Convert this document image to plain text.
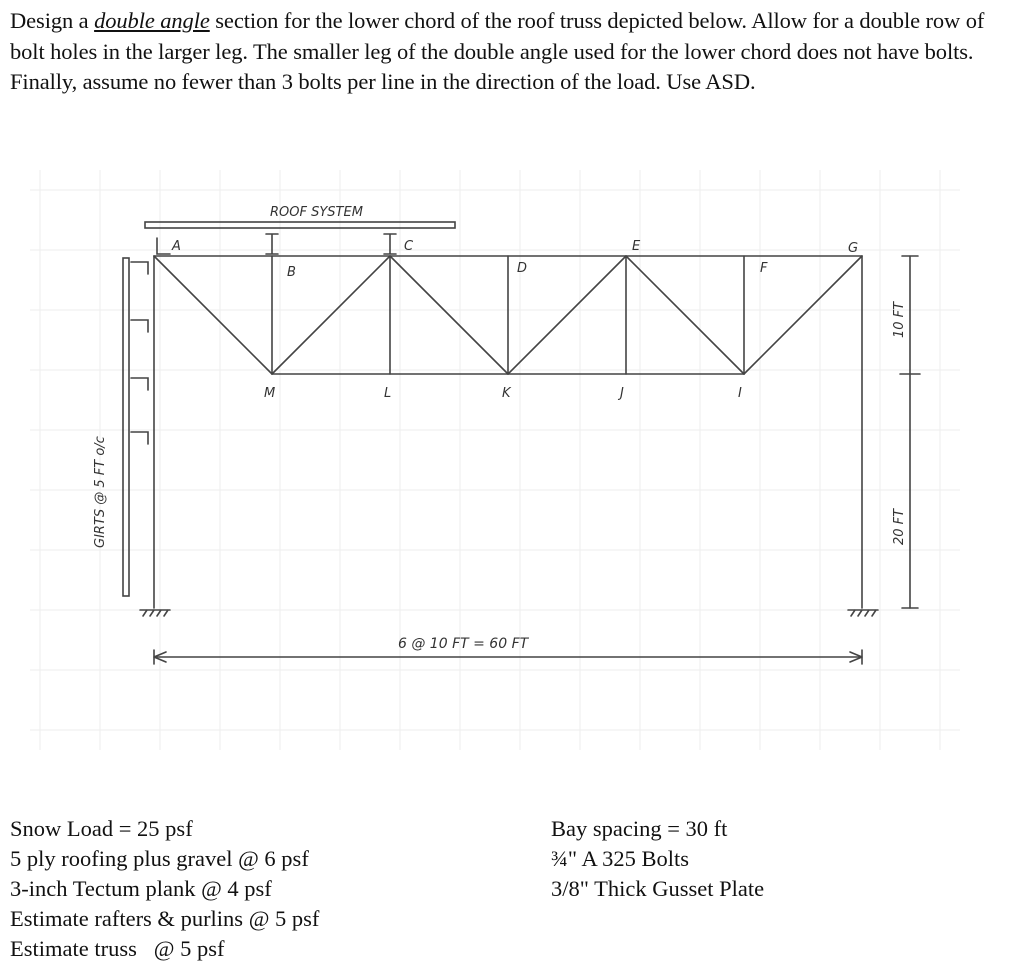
Design a double angle section for the lower chord of the roof truss depicted below. Allow for a double row of bolt holes in the larger leg. The smaller leg of the double angle used for the lower chord does not have bolts. Finally, assume no fewer than 3 bolts per line in the direction of the load. Use ASD.
ROOF SYSTEM
A
B
C
D
E
F
G
M	L	K	J	I
6 @ 10 FT = 60 FT
10 FT
20 FT
GIRTS @ 5 FT o/c
Snow Load = 25 psf
5 ply roofing plus gravel @ 6 psf
3-inch Tectum plank @ 4 psf
Estimate rafters & purlins @ 5 psf
Estimate truss   @ 5 psf
Bay spacing = 30 ft
¾" A 325 Bolts
3/8" Thick Gusset Plate
